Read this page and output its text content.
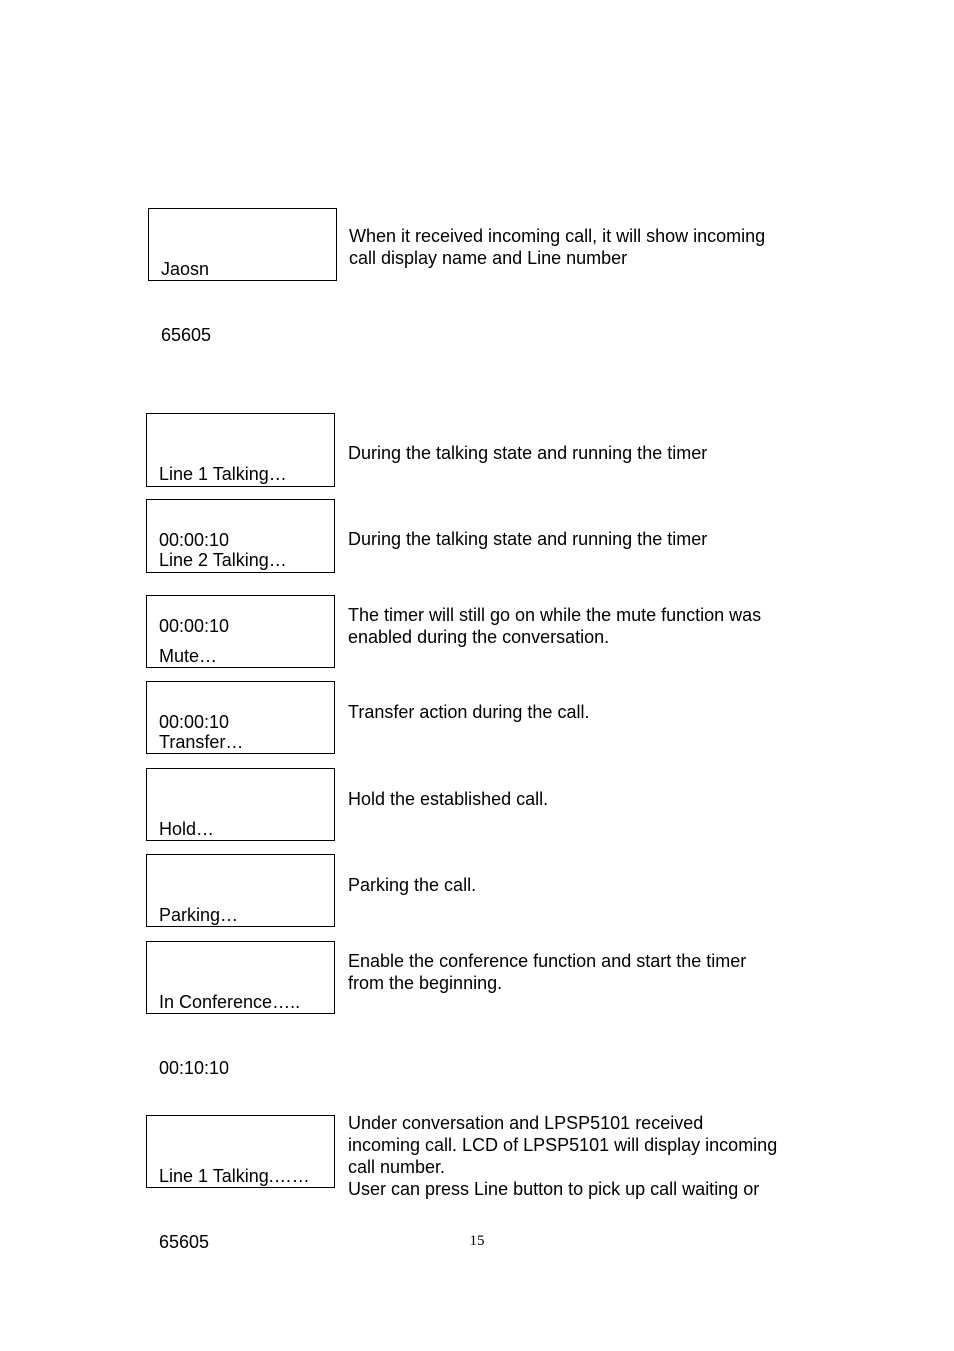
Jaosn

65605

When it received incoming call, it will show incoming
call display name and Line number

Line 1 Talking…

00:00:10

During the talking state and running the timer

Line 2 Talking…

00:00:10

During the talking state and running the timer

Mute…

00:00:10

The timer will still go on while the mute function was
enabled during the conversation.

Transfer…

Transfer action during the call.

Hold…

Hold the established call.

Parking…

Parking the call.

In Conference…..

00:10:10

Enable the conference function and start the timer
from the beginning.

Line 1 Talking.……

65605

Under conversation and LPSP5101 received
incoming call. LCD of LPSP5101 will display incoming
call number.
User can press Line button to pick up call waiting or
15
